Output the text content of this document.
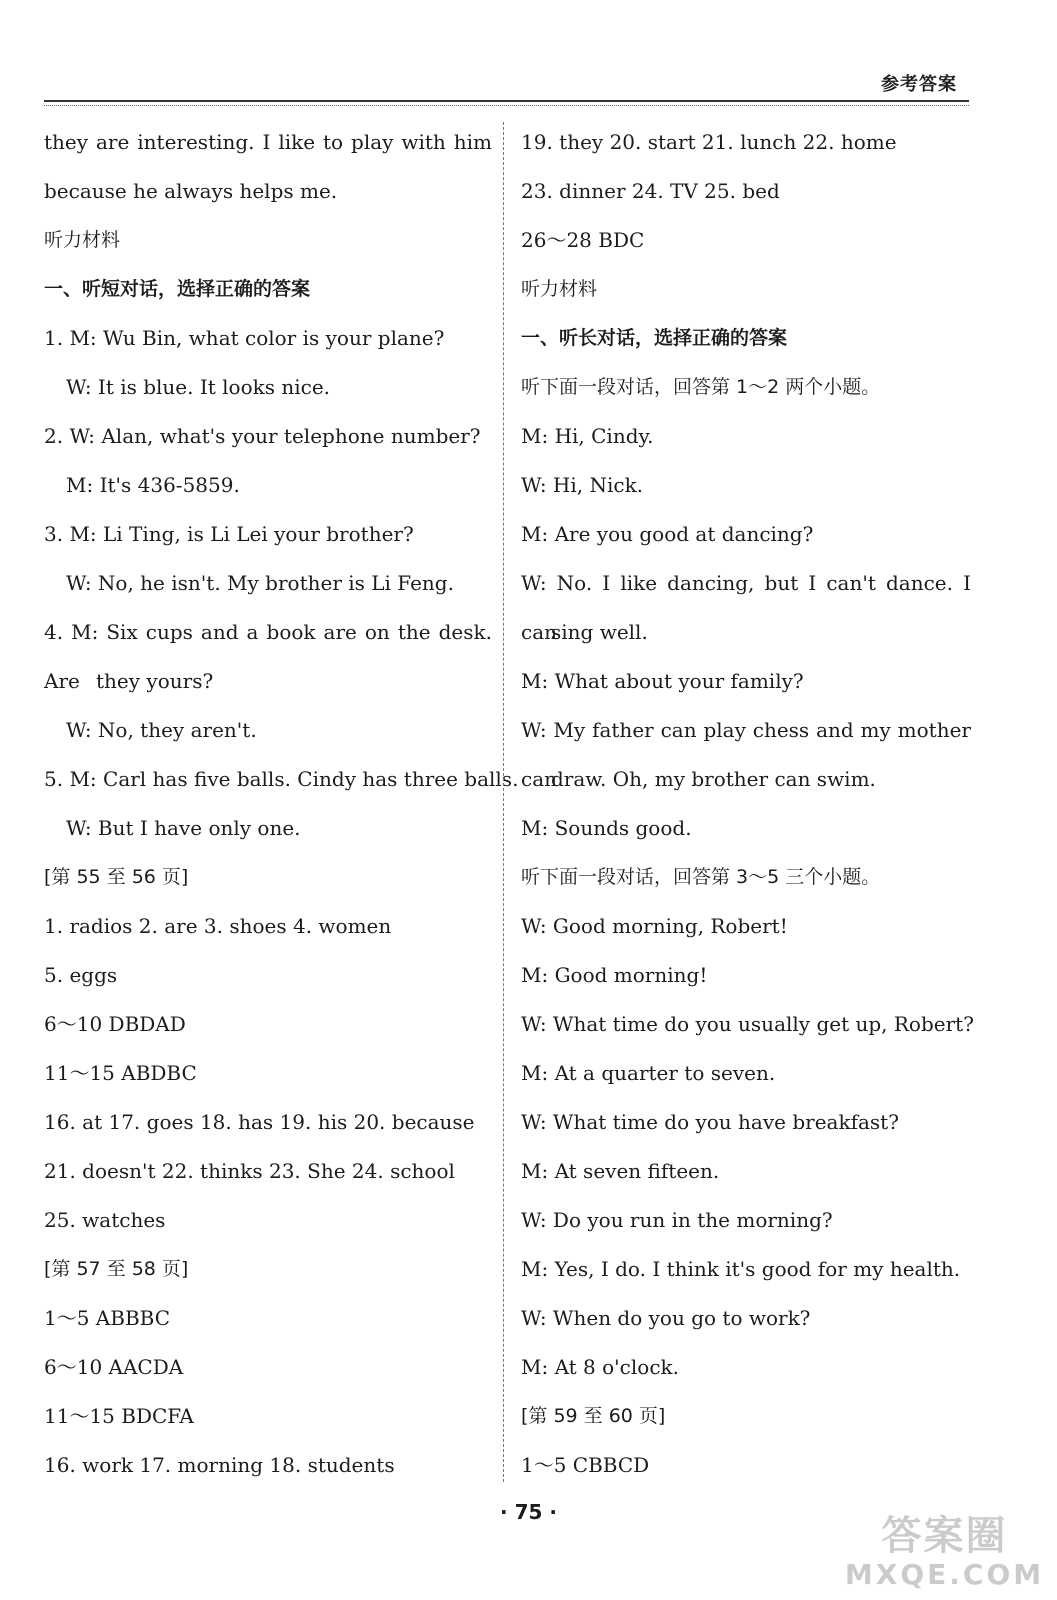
参考答案
they are interesting. I like to play with him
because he always helps me.
听力材料
一、听短对话，选择正确的答案
1. M: Wu Bin, what color is your plane?
W: It is blue. It looks nice.
2. W: Alan, what's your telephone number?
M: It's 436-5859.
3. M: Li Ting, is Li Lei your brother?
W: No, he isn't. My brother is Li Feng.
4. M: Six cups and a book are on the desk. Are they yours?
W: No, they aren't.
5. M: Carl has five balls. Cindy has three balls.
W: But I have only one.
[第 55 至 56 页]
1. radios 2. are 3. shoes 4. women
5. eggs
6～10 DBDAD
11～15 ABDBC
16. at 17. goes 18. has 19. his 20. because
21. doesn't 22. thinks 23. She 24. school
25. watches
[第 57 至 58 页]
1～5 ABBBC
6～10 AACDA
11～15 BDCFA
16. work 17. morning 18. students
19. they 20. start 21. lunch 22. home
23. dinner 24. TV 25. bed
26～28 BDC
听力材料
一、听长对话，选择正确的答案
听下面一段对话，回答第 1～2 两个小题。
M: Hi, Cindy.
W: Hi, Nick.
M: Are you good at dancing?
W: No. I like dancing, but I can't dance. I can
sing well.
M: What about your family?
W: My father can play chess and my mother can
draw. Oh, my brother can swim.
M: Sounds good.
听下面一段对话，回答第 3～5 三个小题。
W: Good morning, Robert!
M: Good morning!
W: What time do you usually get up, Robert?
M: At a quarter to seven.
W: What time do you have breakfast?
M: At seven fifteen.
W: Do you run in the morning?
M: Yes, I do. I think it's good for my health.
W: When do you go to work?
M: At 8 o'clock.
[第 59 至 60 页]
1～5 CBBCD
· 75 ·
答案圈
MXQE.COM
